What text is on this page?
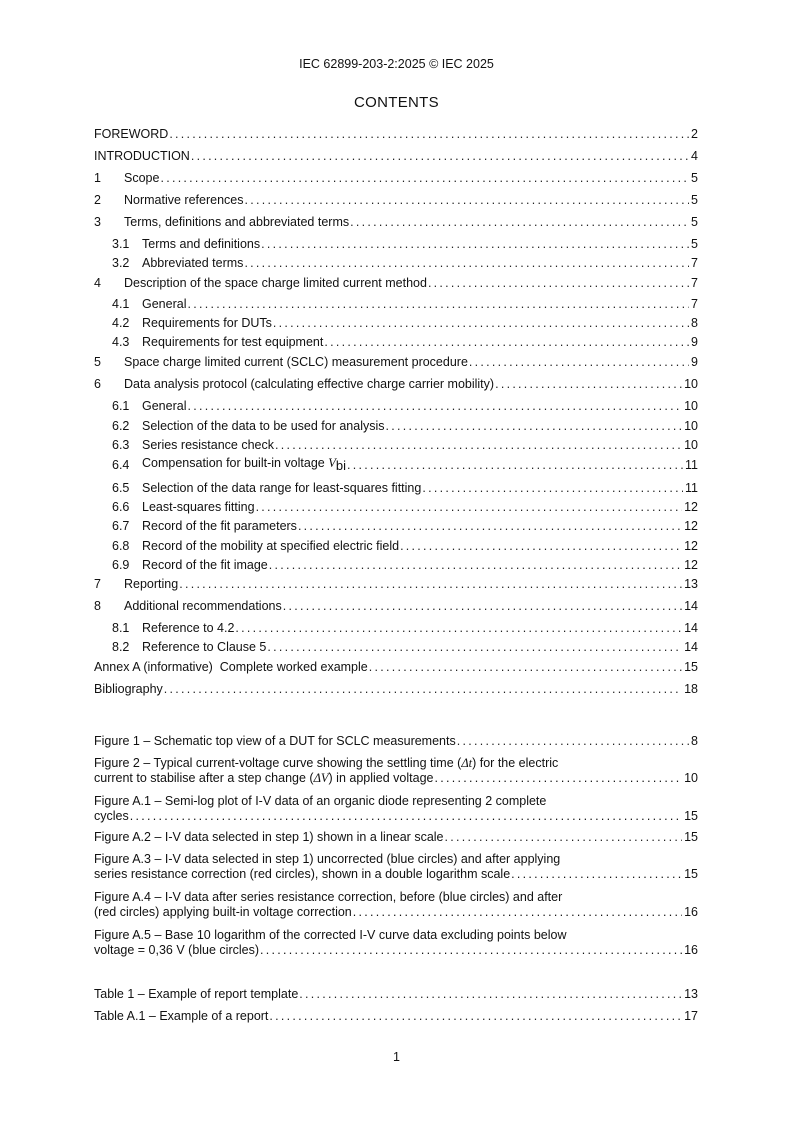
IEC 62899-203-2:2025 © IEC 2025
CONTENTS
FOREWORD . . .	2
INTRODUCTION . . .	4
1	Scope . . .	5
2	Normative references . . .	5
3	Terms, definitions and abbreviated terms . . .	5
3.1	Terms and definitions . . .	5
3.2	Abbreviated terms . . .	7
4	Description of the space charge limited current method . . .	7
4.1	General . . .	7
4.2	Requirements for DUTs . . .	8
4.3	Requirements for test equipment . . .	9
5	Space charge limited current (SCLC) measurement procedure . . .	9
6	Data analysis protocol (calculating effective charge carrier mobility) . . .	10
6.1	General . . .	10
6.2	Selection of the data to be used for analysis . . .	10
6.3	Series resistance check . . .	10
6.4	Compensation for built-in voltage Vbi . . .	11
6.5	Selection of the data range for least-squares fitting . . .	11
6.6	Least-squares fitting . . .	12
6.7	Record of the fit parameters . . .	12
6.8	Record of the mobility at specified electric field . . .	12
6.9	Record of the fit image . . .	12
7	Reporting . . .	13
8	Additional recommendations . . .	14
8.1	Reference to 4.2 . . .	14
8.2	Reference to Clause 5 . . .	14
Annex A (informative)  Complete worked example . . .	15
Bibliography . . .	18
Figure 1 – Schematic top view of a DUT for SCLC measurements . . .	8
Figure 2 – Typical current-voltage curve showing the settling time (Δt) for the electric
current to stabilise after a step change (ΔV) in applied voltage . . .	10
Figure A.1 – Semi-log plot of I-V data of an organic diode representing 2 complete
cycles . . .	15
Figure A.2 – I-V data selected in step 1) shown in a linear scale . . .	15
Figure A.3 – I-V data selected in step 1) uncorrected (blue circles) and after applying
series resistance correction (red circles), shown in a double logarithm scale . . .	15
Figure A.4 – I-V data after series resistance correction, before (blue circles) and after
(red circles) applying built-in voltage correction . . .	16
Figure A.5 – Base 10 logarithm of the corrected I-V curve data excluding points below
voltage = 0,36 V (blue circles) . . .	16
Table 1 – Example of report template . . .	13
Table A.1 – Example of a report . . .	17
1
